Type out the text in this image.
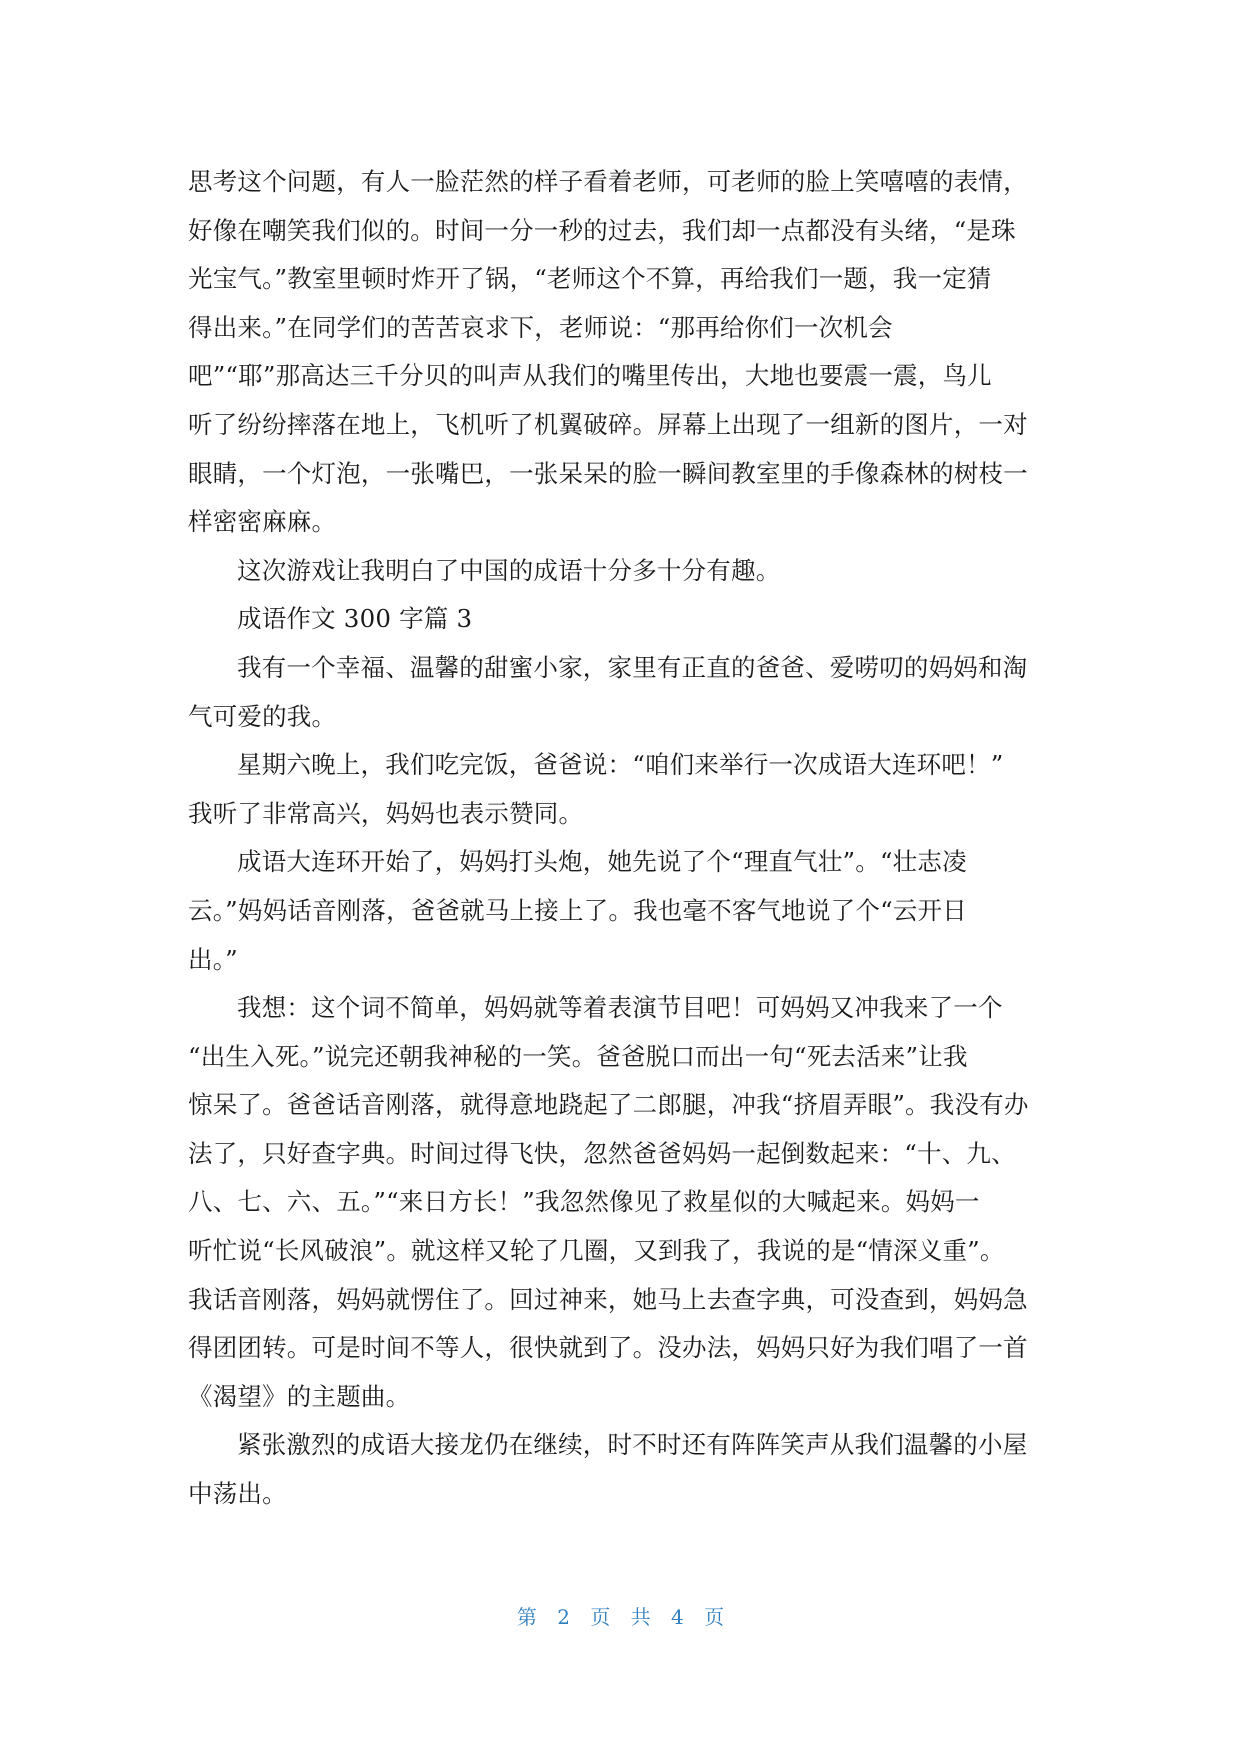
思考这个问题，有人一脸茫然的样子看着老师，可老师的脸上笑嘻嘻的表情，
好像在嘲笑我们似的。时间一分一秒的过去，我们却一点都没有头绪，“是珠
光宝气。”教室里顿时炸开了锅，“老师这个不算，再给我们一题，我一定猜
得出来。”在同学们的苦苦哀求下，老师说：“那再给你们一次机会
吧”“耶”那高达三千分贝的叫声从我们的嘴里传出，大地也要震一震，鸟儿
听了纷纷摔落在地上，飞机听了机翼破碎。屏幕上出现了一组新的图片，一对
眼睛，一个灯泡，一张嘴巴，一张呆呆的脸一瞬间教室里的手像森林的树枝一
样密密麻麻。
这次游戏让我明白了中国的成语十分多十分有趣。
成语作文 300 字篇 3
我有一个幸福、温馨的甜蜜小家，家里有正直的爸爸、爱唠叨的妈妈和淘
气可爱的我。
星期六晚上，我们吃完饭，爸爸说：“咱们来举行一次成语大连环吧！”
我听了非常高兴，妈妈也表示赞同。
成语大连环开始了，妈妈打头炮，她先说了个“理直气壮”。“壮志凌
云。”妈妈话音刚落，爸爸就马上接上了。我也毫不客气地说了个“云开日
出。”
我想：这个词不简单，妈妈就等着表演节目吧！可妈妈又冲我来了一个
“出生入死。”说完还朝我神秘的一笑。爸爸脱口而出一句“死去活来”让我
惊呆了。爸爸话音刚落，就得意地跷起了二郎腿，冲我“挤眉弄眼”。我没有办
法了，只好查字典。时间过得飞快，忽然爸爸妈妈一起倒数起来：“十、九、
八、七、六、五。”“来日方长！”我忽然像见了救星似的大喊起来。妈妈一
听忙说“长风破浪”。就这样又轮了几圈，又到我了，我说的是“情深义重”。
我话音刚落，妈妈就愣住了。回过神来，她马上去查字典，可没查到，妈妈急
得团团转。可是时间不等人，很快就到了。没办法，妈妈只好为我们唱了一首
《渴望》的主题曲。
紧张激烈的成语大接龙仍在继续，时不时还有阵阵笑声从我们温馨的小屋
中荡出。
第 2 页 共 4 页
